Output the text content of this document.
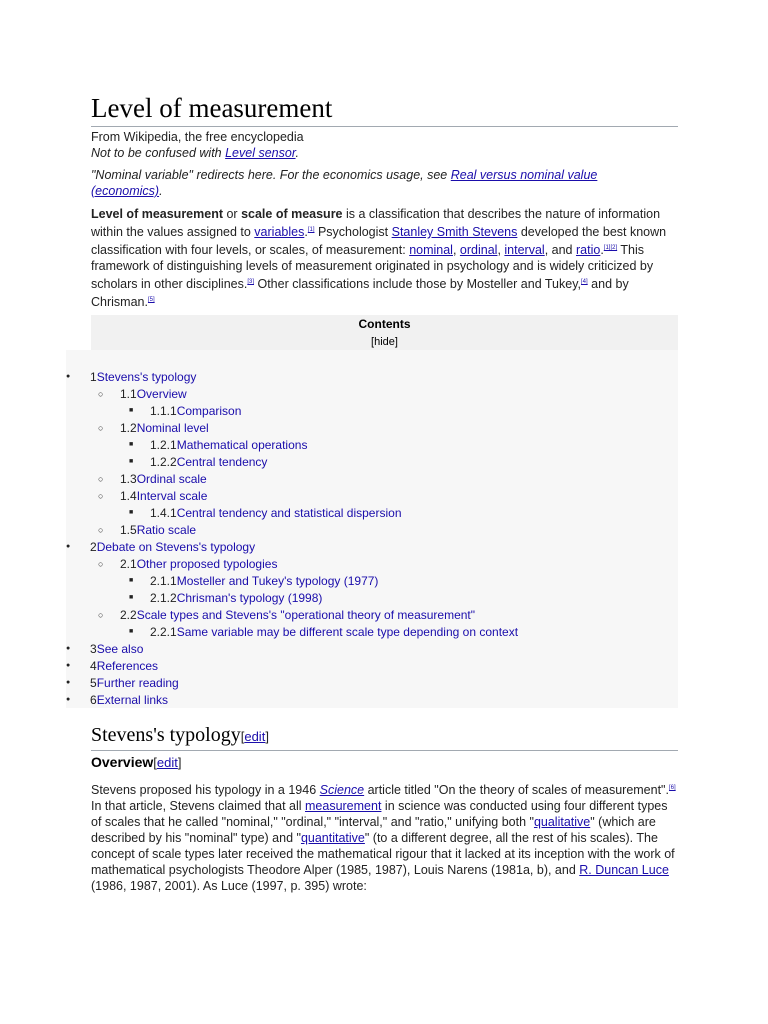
Level of measurement
From Wikipedia, the free encyclopedia
Not to be confused with Level sensor.
"Nominal variable" redirects here. For the economics usage, see Real versus nominal value (economics).
Level of measurement or scale of measure is a classification that describes the nature of information within the values assigned to variables.[1] Psychologist Stanley Smith Stevens developed the best known classification with four levels, or scales, of measurement: nominal, ordinal, interval, and ratio.[1][2] This framework of distinguishing levels of measurement originated in psychology and is widely criticized by scholars in other disciplines.[3] Other classifications include those by Mosteller and Tukey,[4] and by Chrisman.[5]
Contents
[hide]
● 1Stevens's typology
○ 1.1Overview
■ 1.1.1Comparison
○ 1.2Nominal level
■ 1.2.1Mathematical operations
■ 1.2.2Central tendency
○ 1.3Ordinal scale
○ 1.4Interval scale
■ 1.4.1Central tendency and statistical dispersion
○ 1.5Ratio scale
● 2Debate on Stevens's typology
○ 2.1Other proposed typologies
■ 2.1.1Mosteller and Tukey's typology (1977)
■ 2.1.2Chrisman's typology (1998)
○ 2.2Scale types and Stevens's "operational theory of measurement"
■ 2.2.1Same variable may be different scale type depending on context
● 3See also
● 4References
● 5Further reading
● 6External links
Stevens's typology[edit]
Overview[edit]
Stevens proposed his typology in a 1946 Science article titled "On the theory of scales of measurement".[6] In that article, Stevens claimed that all measurement in science was conducted using four different types of scales that he called "nominal," "ordinal," "interval," and "ratio," unifying both "qualitative" (which are described by his "nominal" type) and "quantitative" (to a different degree, all the rest of his scales). The concept of scale types later received the mathematical rigour that it lacked at its inception with the work of mathematical psychologists Theodore Alper (1985, 1987), Louis Narens (1981a, b), and R. Duncan Luce (1986, 1987, 2001). As Luce (1997, p. 395) wrote:
